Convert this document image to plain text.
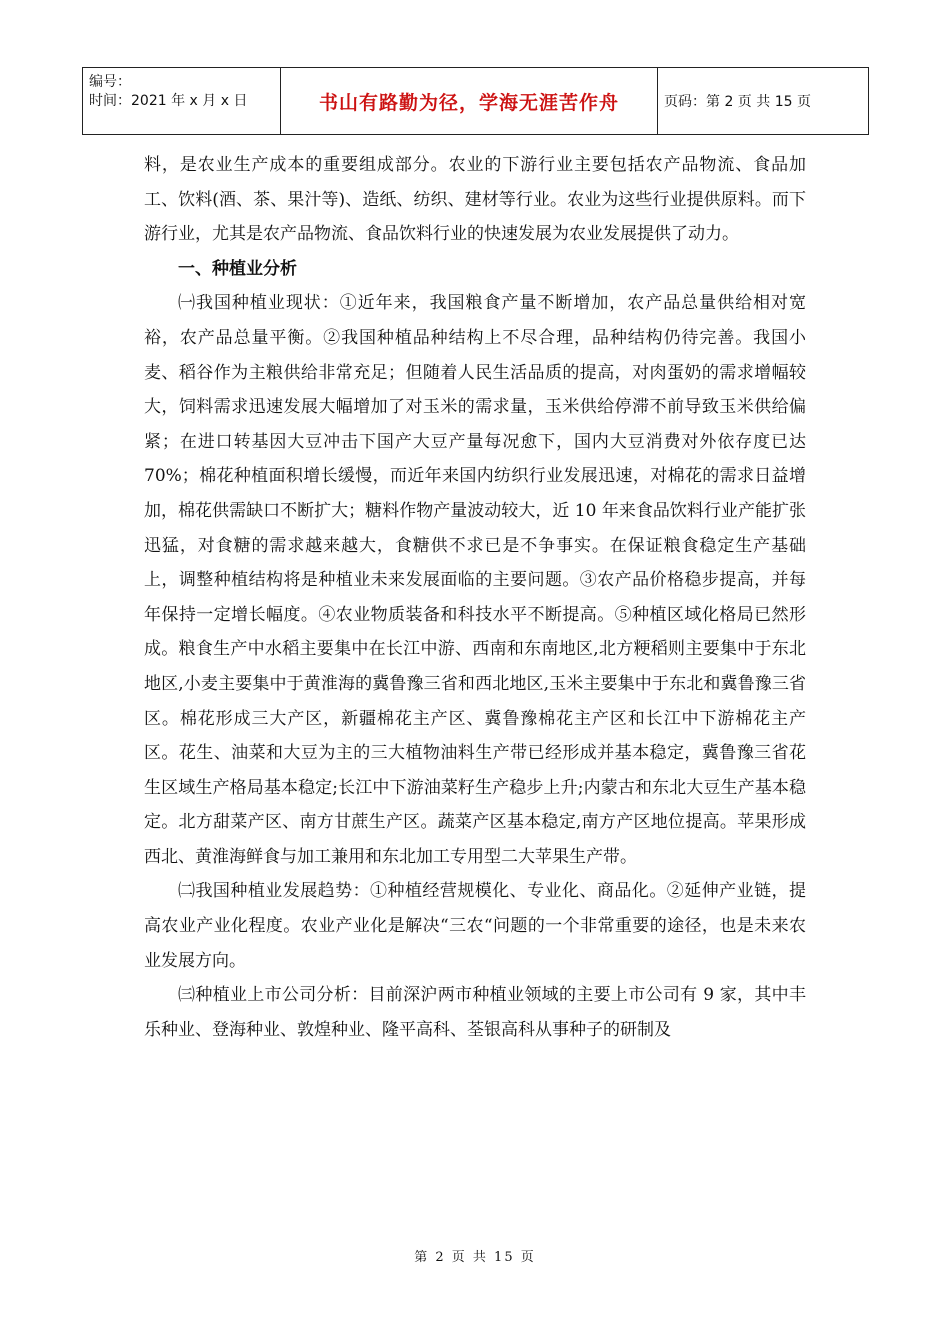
编号：
时间：2021 年 x 月 x 日	书山有路勤为径，学海无涯苦作舟	页码：第 2 页 共 15 页

料，是农业生产成本的重要组成部分。农业的下游行业主要包括农产品物流、食品加工、饮料(酒、茶、果汁等)、造纸、纺织、建材等行业。农业为这些行业提供原料。而下游行业，尤其是农产品物流、食品饮料行业的快速发展为农业发展提供了动力。

一、种植业分析

㈠我国种植业现状：①近年来，我国粮食产量不断增加，农产品总量供给相对宽裕，农产品总量平衡。②我国种植品种结构上不尽合理，品种结构仍待完善。我国小麦、稻谷作为主粮供给非常充足；但随着人民生活品质的提高，对肉蛋奶的需求增幅较大，饲料需求迅速发展大幅增加了对玉米的需求量，玉米供给停滞不前导致玉米供给偏紧；在进口转基因大豆冲击下国产大豆产量每况愈下，国内大豆消费对外依存度已达 70%；棉花种植面积增长缓慢，而近年来国内纺织行业发展迅速，对棉花的需求日益增加，棉花供需缺口不断扩大；糖料作物产量波动较大，近 10 年来食品饮料行业产能扩张迅猛，对食糖的需求越来越大，食糖供不求已是不争事实。在保证粮食稳定生产基础上，调整种植结构将是种植业未来发展面临的主要问题。③农产品价格稳步提高，并每年保持一定增长幅度。④农业物质装备和科技水平不断提高。⑤种植区域化格局已然形成。粮食生产中水稻主要集中在长江中游、西南和东南地区,北方粳稻则主要集中于东北地区,小麦主要集中于黄淮海的冀鲁豫三省和西北地区,玉米主要集中于东北和冀鲁豫三省区。棉花形成三大产区，新疆棉花主产区、冀鲁豫棉花主产区和长江中下游棉花主产区。花生、油菜和大豆为主的三大植物油料生产带已经形成并基本稳定，冀鲁豫三省花生区域生产格局基本稳定;长江中下游油菜籽生产稳步上升;内蒙古和东北大豆生产基本稳定。北方甜菜产区、南方甘蔗生产区。蔬菜产区基本稳定,南方产区地位提高。苹果形成西北、黄淮海鲜食与加工兼用和东北加工专用型二大苹果生产带。

㈡我国种植业发展趋势：①种植经营规模化、专业化、商品化。②延伸产业链，提高农业产业化程度。农业产业化是解决“三农“问题的一个非常重要的途径，也是未来农业发展方向。

㈢种植业上市公司分析：目前深沪两市种植业领域的主要上市公司有 9 家，其中丰乐种业、登海种业、敦煌种业、隆平高科、荃银高科从事种子的研制及

第 2 页 共 15 页
